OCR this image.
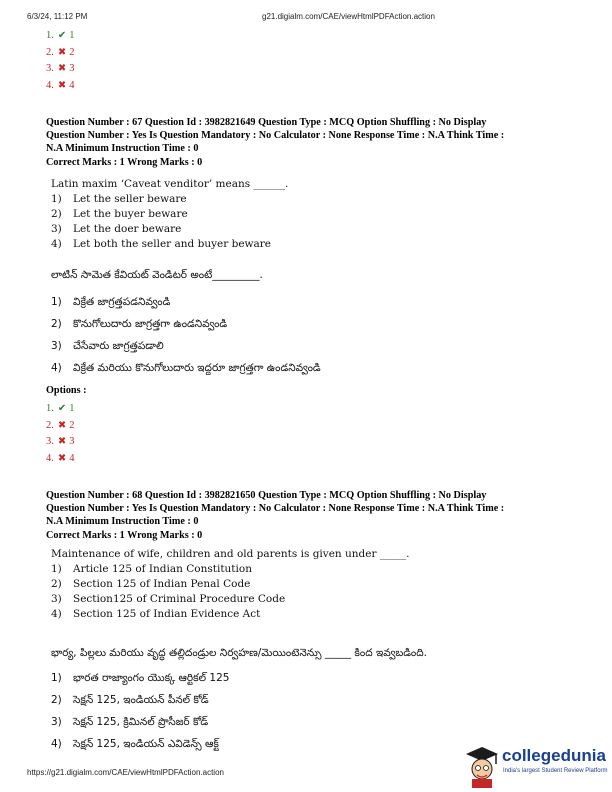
6/3/24, 11:12 PM	g21.digialm.com/CAE/viewHtmlPDFAction.action
1. ✔ 1
2. ✖ 2
3. ✖ 3
4. ✖ 4
Question Number : 67 Question Id : 3982821649 Question Type : MCQ Option Shuffling : No Display
Question Number : Yes Is Question Mandatory : No Calculator : None Response Time : N.A Think Time :
N.A Minimum Instruction Time : 0
Correct Marks : 1 Wrong Marks : 0
Latin maxim ‘Caveat venditor’ means ______.
1)	Let the seller beware
2)	Let the buyer beware
3)	Let the doer beware
4)	Let both the seller and buyer beware
లాటిన్ సామెత కేవియట్ వెండిటర్ అంటే_________.
1)	విక్రేత జాగ్రత్తపడనివ్వండి
2)	కొనుగోలుదారు జాగ్రత్తగా ఉండనివ్వండి
3)	చేసేవారు జాగ్రత్తపడాలి
4)	విక్రేత మరియు కొనుగోలుదారు ఇద్దరూ జాగ్రత్తగా ఉండనివ్వండి
Options :
1. ✔ 1
2. ✖ 2
3. ✖ 3
4. ✖ 4
Question Number : 68 Question Id : 3982821650 Question Type : MCQ Option Shuffling : No Display
Question Number : Yes Is Question Mandatory : No Calculator : None Response Time : N.A Think Time :
N.A Minimum Instruction Time : 0
Correct Marks : 1 Wrong Marks : 0
Maintenance of wife, children and old parents is given under _____.
1)	Article 125 of Indian Constitution
2)	Section 125 of Indian Penal Code
3)	Section125 of Criminal Procedure Code
4)	Section 125 of Indian Evidence Act
భార్య, పిల్లలు మరియు వృద్ధ తల్లిదండ్రుల నిర్వహణ/మెయింటెనెన్సు _____ కింద ఇవ్వబడింది.
1)	భారత రాజ్యాంగం యొక్క ఆర్టికల్ 125
2)	సెక్షన్ 125, ఇండియన్ పీనల్ కోడ్
3)	సెక్షన్ 125, క్రిమినల్ ప్రొసీజర్ కోడ్
4)	సెక్షన్ 125, ఇండియన్ ఎవిడెన్స్ ఆక్ట్
https://g21.digialm.com/CAE/viewHtmlPDFAction.action
collegedunia
India's largest Student Review Platform
